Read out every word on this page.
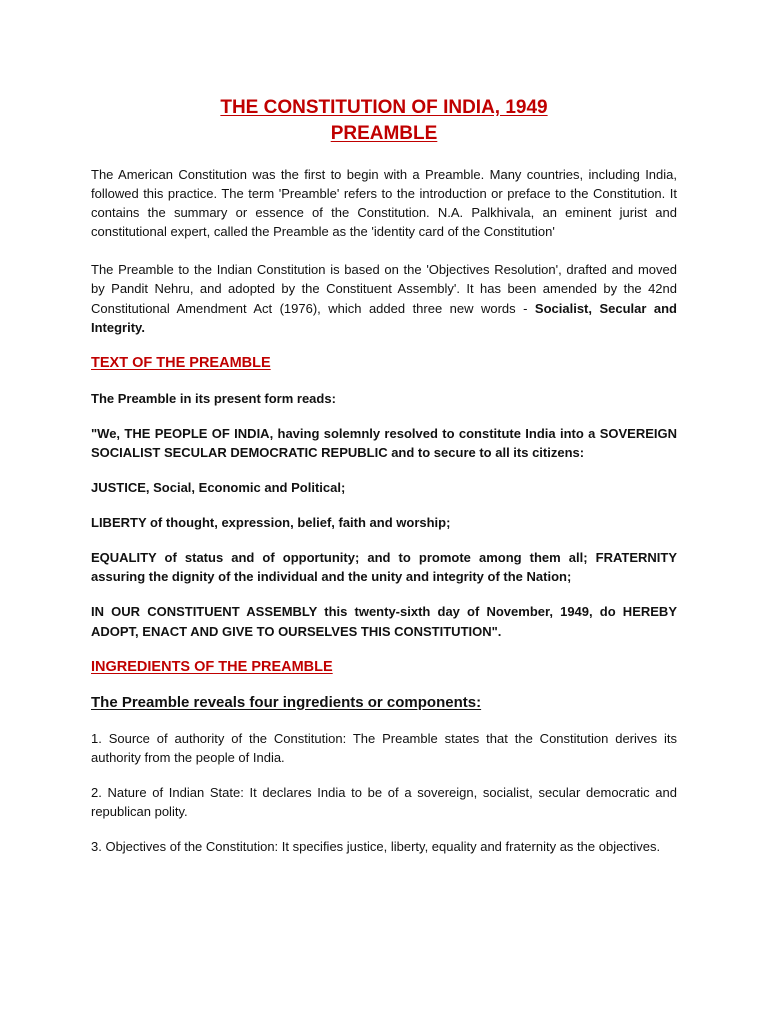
THE CONSTITUTION OF INDIA, 1949
PREAMBLE

The American Constitution was the first to begin with a Preamble. Many countries, including India, followed this practice. The term 'Preamble' refers to the introduction or preface to the Constitution. It contains the summary or essence of the Constitution. N.A. Palkhivala, an eminent jurist and constitutional expert, called the Preamble as the 'identity card of the Constitution'

The Preamble to the Indian Constitution is based on the 'Objectives Resolution', drafted and moved by Pandit Nehru, and adopted by the Constituent Assembly'. It has been amended by the 42nd Constitutional Amendment Act (1976), which added three new words - Socialist, Secular and Integrity.

TEXT OF THE PREAMBLE

The Preamble in its present form reads:

"We, THE PEOPLE OF INDIA, having solemnly resolved to constitute India into a SOVEREIGN SOCIALIST SECULAR DEMOCRATIC REPUBLIC and to secure to all its citizens:

JUSTICE, Social, Economic and Political;

LIBERTY of thought, expression, belief, faith and worship;

EQUALITY of status and of opportunity; and to promote among them all; FRATERNITY assuring the dignity of the individual and the unity and integrity of the Nation;

IN OUR CONSTITUENT ASSEMBLY this twenty-sixth day of November, 1949, do HEREBY ADOPT, ENACT AND GIVE TO OURSELVES THIS CONSTITUTION".

INGREDIENTS OF THE PREAMBLE
The Preamble reveals four ingredients or components:

1. Source of authority of the Constitution: The Preamble states that the Constitution derives its authority from the people of India.

2. Nature of Indian State: It declares India to be of a sovereign, socialist, secular democratic and republican polity.

3. Objectives of the Constitution: It specifies justice, liberty, equality and fraternity as the objectives.
